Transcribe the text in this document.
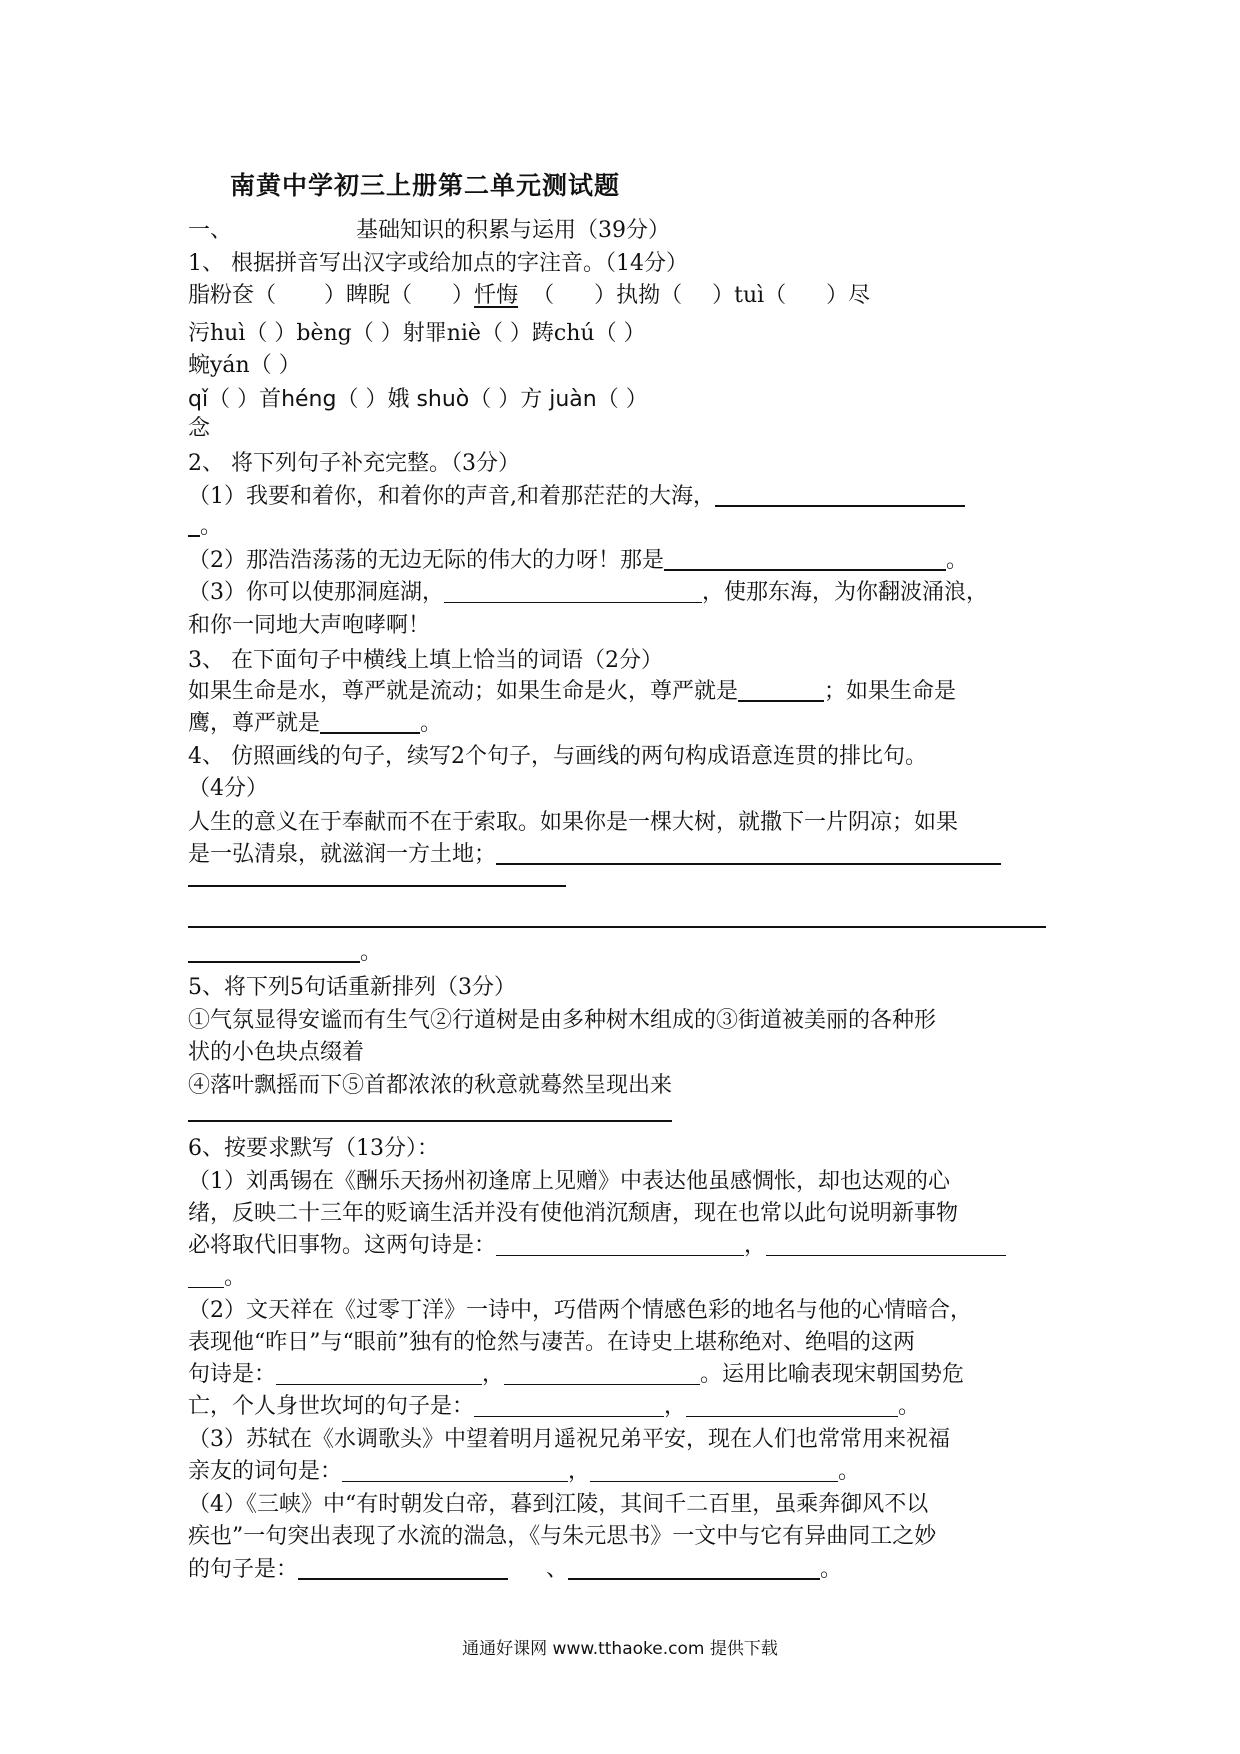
南黄中学初三上册第二单元测试题
一、	基础知识的积累与运用（39分）
1、 根据拼音写出汉字或给加点的字注音。（14分）
脂粉奁（ ）睥睨（ ）忏悔 （ ）执拗（ ）tuì（ ）尽
污huì（ ）bèng（ ）射罪niè（ ）踌chú（ ）
蜿yán（ ）
qǐ（ ）首héng（ ）娥 shuò（ ）方 juàn（ ）
念
2、 将下列句子补充完整。（3分）
（1）我要和着你，和着你的声音,和着那茫茫的大海，
。
（2）那浩浩荡荡的无边无际的伟大的力呀！那是	。
（3）你可以使那洞庭湖，	，使那东海，为你翻波涌浪，
和你一同地大声咆哮啊！
3、 在下面句子中横线上填上恰当的词语（2分）
如果生命是水，尊严就是流动；如果生命是火，尊严就是	；如果生命是
鹰，尊严就是	。
4、 仿照画线的句子，续写2个句子，与画线的两句构成语意连贯的排比句。
（4分）
人生的意义在于奉献而不在于索取。如果你是一棵大树，就撒下一片阴凉；如果
是一弘清泉，就滋润一方土地；
。
5、将下列5句话重新排列（3分）
①气氛显得安谧而有生气②行道树是由多种树木组成的③街道被美丽的各种形
状的小色块点缀着
④落叶飘摇而下⑤首都浓浓的秋意就蓦然呈现出来
6、按要求默写（13分）：
（1）刘禹锡在《酬乐天扬州初逢席上见赠》中表达他虽感惆怅，却也达观的心
绪，反映二十三年的贬谪生活并没有使他消沉颓唐，现在也常以此句说明新事物
必将取代旧事物。这两句诗是：	，
。
（2）文天祥在《过零丁洋》一诗中，巧借两个情感色彩的地名与他的心情暗合，
表现他“昨日”与“眼前”独有的怆然与凄苦。在诗史上堪称绝对、绝唱的这两
句诗是：	，	。运用比喻表现宋朝国势危
亡，个人身世坎坷的句子是：	，	。
（3）苏轼在《水调歌头》中望着明月遥祝兄弟平安，现在人们也常常用来祝福
亲友的词句是：	，	。
（4）《三峡》中“有时朝发白帝，暮到江陵，其间千二百里，虽乘奔御风不以
疾也”一句突出表现了水流的湍急，《与朱元思书》一文中与它有异曲同工之妙
的句子是：	、	。
通通好课网 www.tthaoke.com 提供下载
